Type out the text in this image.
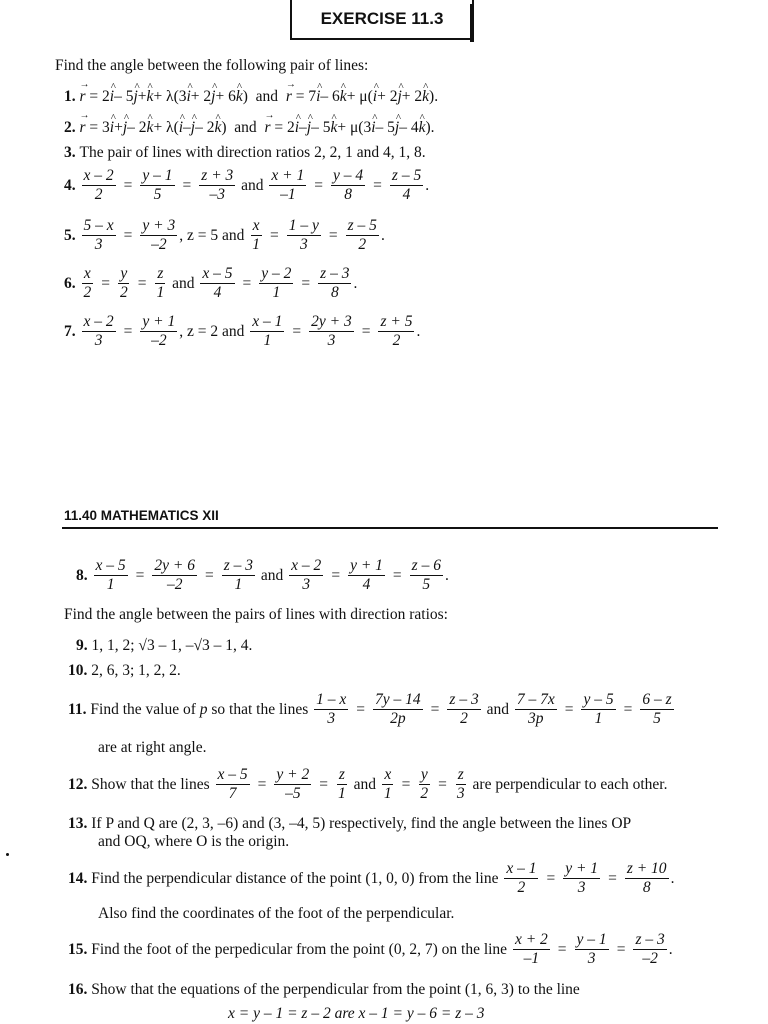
EXERCISE 11.3
Find the angle between the following pair of lines:
1.
→ r
= 2 ^ i – 5 ^ j + ^ k + λ(3 ^ i + 2 ^ j + 6 ^ k )
and
→ r
= 7 ^ i – 6 ^ k + μ( ^ i + 2 ^ j + 2 ^ k ).
2.
→ r
= 3 ^ i + ^ j – 2 ^ k + λ( ^ i – ^ j – 2 ^ k )
and
→ r
= 2 ^ i – ^ j – 5 ^ k + μ(3 ^ i – 5 ^ j – 4 ^ k ).
3.
The pair of lines with direction ratios 2, 2, 1 and 4, 1, 8.
4.
$\frac{x - 2}{2} = \frac{y - 1}{5} = \frac{z + 3}{-3}$
and
$\frac{x + 1}{-1} = \frac{y - 4}{8} = \frac{z - 5}{4}$ .
5.
$\frac{5 - x}{3} = \frac{y + 3}{-2}$ , z = 5 and
$\frac{x}{1} = \frac{1 - y}{3} = \frac{z - 5}{2}$ .
6.
$\frac{x}{2} = \frac{y}{2} = \frac{z}{1}$
and
$\frac{x - 5}{4} = \frac{y - 2}{1} = \frac{z - 3}{8}$ .
7.
$\frac{x - 2}{3} = \frac{y + 1}{-2}$ , z = 2 and
$\frac{x - 1}{1} = \frac{2y + 3}{3} = \frac{z + 5}{2}$ .
11.40 MATHEMATICS XII
8.
$\frac{x - 5}{1} = \frac{2y + 6}{-2} = \frac{z - 3}{1}$
and
$\frac{x - 2}{3} = \frac{y + 1}{4} = \frac{z - 6}{5}$ .
Find the angle between the pairs of lines with direction ratios:
9.
1, 1, 2; √3 – 1, –√3 – 1, 4.
10.
2, 6, 3; 1, 2, 2.
11.
Find the value of
p
so that the lines
$\frac{1 - x}{3} = \frac{7y - 14}{2p} = \frac{z - 3}{2}$
and
$\frac{7 - 7x}{3p} = \frac{y - 5}{1} = \frac{6 - z}{5}$
are at right angle.
12.
Show that the lines
$\frac{x - 5}{7} = \frac{y + 2}{-5} = \frac{z}{1}$
and
$\frac{x}{1} = \frac{y}{2} = \frac{z}{3}$
are perpendicular to each other.
13.
If P and Q are (2, 3, –6) and (3, –4, 5) respectively, find the angle between the lines OP
and OQ, where O is the origin.
14.
Find the perpendicular distance of the point (1, 0, 0) from the line
$\frac{x - 1}{2} = \frac{y + 1}{3} = \frac{z + 10}{8}$ .
Also find the coordinates of the foot of the perpendicular.
15.
Find the foot of the perpedicular from the point (0, 2, 7) on the line
$\frac{x + 2}{-1} = \frac{y - 1}{3} = \frac{z - 3}{-2}$ .
16.
Show that the equations of the perpendicular from the point (1, 6, 3) to the line
x = y – 1 = z – 2 are x – 1 = y – 6 = z – 3
